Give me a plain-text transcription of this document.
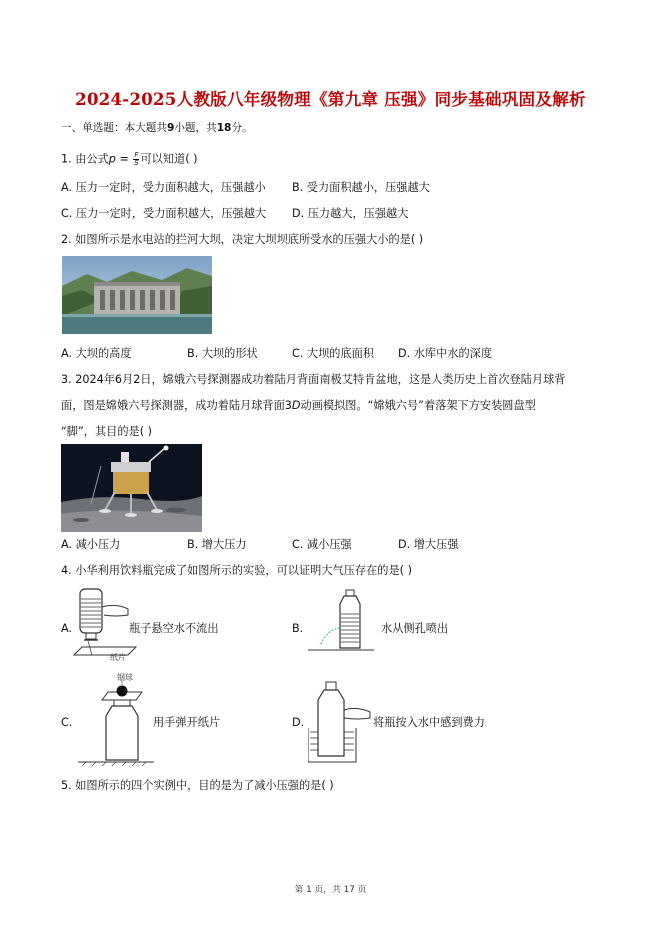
2024-2025人教版八年级物理《第九章 压强》同步基础巩固及解析
一、单选题：本大题共9小题，共18分。
1. 由公式$p = \frac{F}{S}$ 可以知道( )
A. 压力一定时，受力面积越大，压强越小 B. 受力面积越小，压强越大
C. 压力一定时，受力面积越大，压强越大 D. 压力越大，压强越大
2. 如图所示是水电站的拦河大坝，决定大坝坝底所受水的压强大小的是( )
A. 大坝的高度	B. 大坝的形状	C. 大坝的底面积 D. 水库中水的深度
3. 2024年6月2日，嫦娥六号探测器成功着陆月背面南极艾特肯盆地，这是人类历史上首次登陆月球背
面，图是嫦娥六号探测器，成功着陆月球背面3D动画模拟图。“嫦娥六号”着落架下方安装圆盘型
“脚”，其目的是( )
A. 减小压力	B. 增大压力	C. 减小压强	D. 增大压强
4. 小华利用饮料瓶完成了如图所示的实验，可以证明大气压存在的是( )
A.
纸片
瓶子悬空水不流出	B.	水从侧孔喷出
C.
钢球
用手弹开纸片	D.	将瓶按入水中感到费力
5. 如图所示的四个实例中，目的是为了减小压强的是( )
第 1 页，共 17 页
